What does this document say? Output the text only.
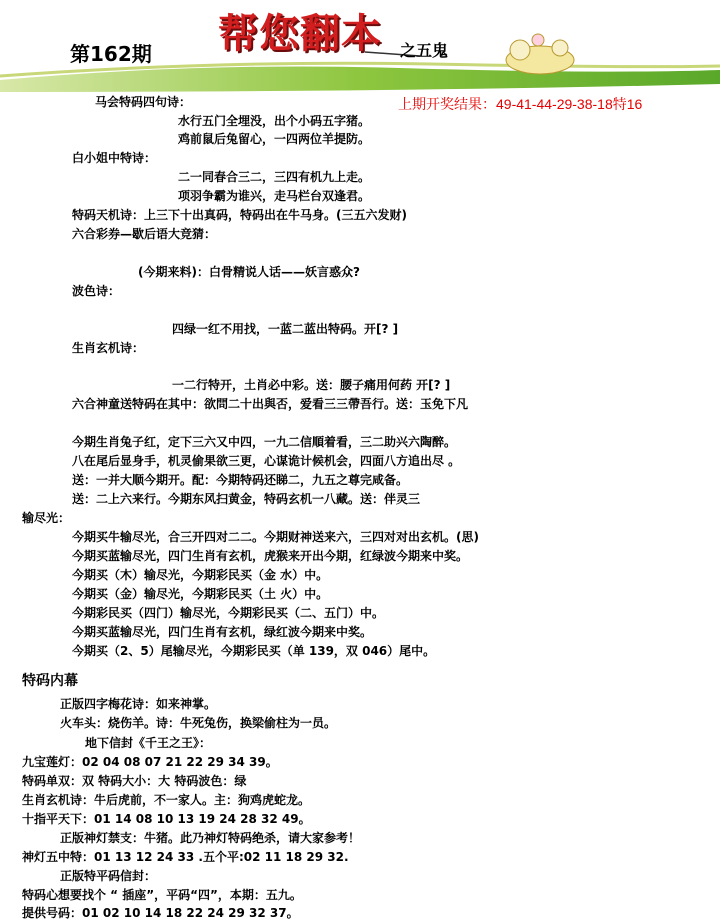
第162期 帮您翻本 之五鬼
上期开奖结果：49-41-44-29-38-18特16
马会特码四句诗：
水行五门全埋没，出个小码五字猪。
鸡前鼠后兔留心，一四两位羊提防。
白小姐中特诗：
二一同春合三二，三四有机九上走。
项羽争霸为谁兴，走马栏台双逢君。
特码天机诗：上三下十出真码，特码出在牛马身。(三五六发财)
六合彩券—歇后语大竞猜：
(今期来料)：白骨精说人话——妖言惑众?
波色诗：
四绿一红不用找，一蓝二蓝出特码。开[? ]
生肖玄机诗：
一二行特开，土肖必中彩。送：腰子痛用何药 开[? ]
六合神童送特码在其中：欲問二十出與否，爱看三三帶吾行。送：玉免下凡
今期生肖兔子红，定下三六又中四，一九二信順着看，三二助兴六陶醉。
八在尾后显身手，机灵偷果欲三更，心谋诡计候机会，四面八方追出尽 。
送：一并大顺今期开。配：今期特码还睇二，九五之尊完咸备。
送：二上六来行。今期东风扫黄金，特码玄机一八藏。送：伴灵三
输尽光：
今期买牛输尽光，合三开四对二二。今期财神送来六，三四对对出玄机。(思)
今期买蓝输尽光，四门生肖有玄机，虎猴来开出今期，红绿波今期来中奖。
今期买（木）输尽光，今期彩民买（金 水）中。
今期买（金）输尽光，今期彩民买（土 火）中。
今期彩民买（四门）输尽光，今期彩民买（二、五门）中。
今期买蓝输尽光，四门生肖有玄机，绿红波今期来中奖。
今期买（2、5）尾输尽光，今期彩民买（单 139，双 046）尾中。
特码内幕
正版四字梅花诗：如来神掌。
火车头：烧伤羊。诗：牛死兔伤，换梁偷柱为一员。
地下信封《千王之王》：
九宝莲灯：02 04 08 07 21 22 29 34 39。
特码单双：双 特码大小：大 特码波色：绿
生肖玄机诗：牛后虎前，不一家人。主：狗鸡虎蛇龙。
十指平天下：01 14 08 10 13 19 24 28 32 49。
正版神灯禁支：牛猪。此乃神灯特码绝杀，请大家参考！
神灯五中特：01 13 12 24 33 .五个平:02 11 18 29 32.
正版特平码信封：
特码心想要找个 “ 插座”，平码“四”，本期：五九。
提供号码：01 02 10 14 18 22 24 29 32 37。
